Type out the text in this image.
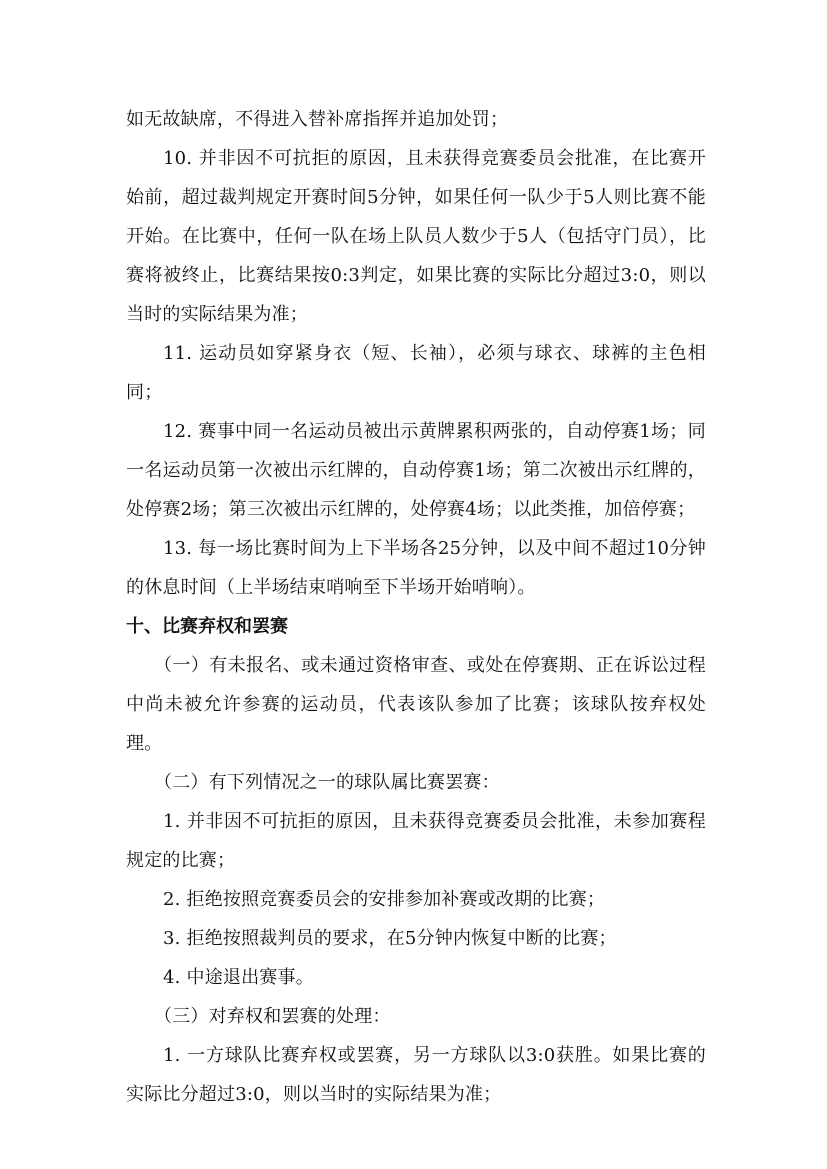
如无故缺席，不得进入替补席指挥并追加处罚；

10. 并非因不可抗拒的原因，且未获得竞赛委员会批准，在比赛开始前，超过裁判规定开赛时间5分钟，如果任何一队少于5人则比赛不能开始。在比赛中，任何一队在场上队员人数少于5人（包括守门员），比赛将被终止，比赛结果按0:3判定，如果比赛的实际比分超过3:0，则以当时的实际结果为准；

11. 运动员如穿紧身衣（短、长袖），必须与球衣、球裤的主色相同；

12. 赛事中同一名运动员被出示黄牌累积两张的，自动停赛1场；同一名运动员第一次被出示红牌的，自动停赛1场；第二次被出示红牌的，处停赛2场；第三次被出示红牌的，处停赛4场；以此类推，加倍停赛；

13. 每一场比赛时间为上下半场各25分钟，以及中间不超过10分钟的休息时间（上半场结束哨响至下半场开始哨响）。

十、比赛弃权和罢赛

（一）有未报名、或未通过资格审查、或处在停赛期、正在诉讼过程中尚未被允许参赛的运动员，代表该队参加了比赛；该球队按弃权处理。

（二）有下列情况之一的球队属比赛罢赛：

1. 并非因不可抗拒的原因，且未获得竞赛委员会批准，未参加赛程规定的比赛；

2. 拒绝按照竞赛委员会的安排参加补赛或改期的比赛；

3. 拒绝按照裁判员的要求，在5分钟内恢复中断的比赛；

4. 中途退出赛事。

（三）对弃权和罢赛的处理：

1. 一方球队比赛弃权或罢赛，另一方球队以3:0获胜。如果比赛的实际比分超过3:0，则以当时的实际结果为准；
